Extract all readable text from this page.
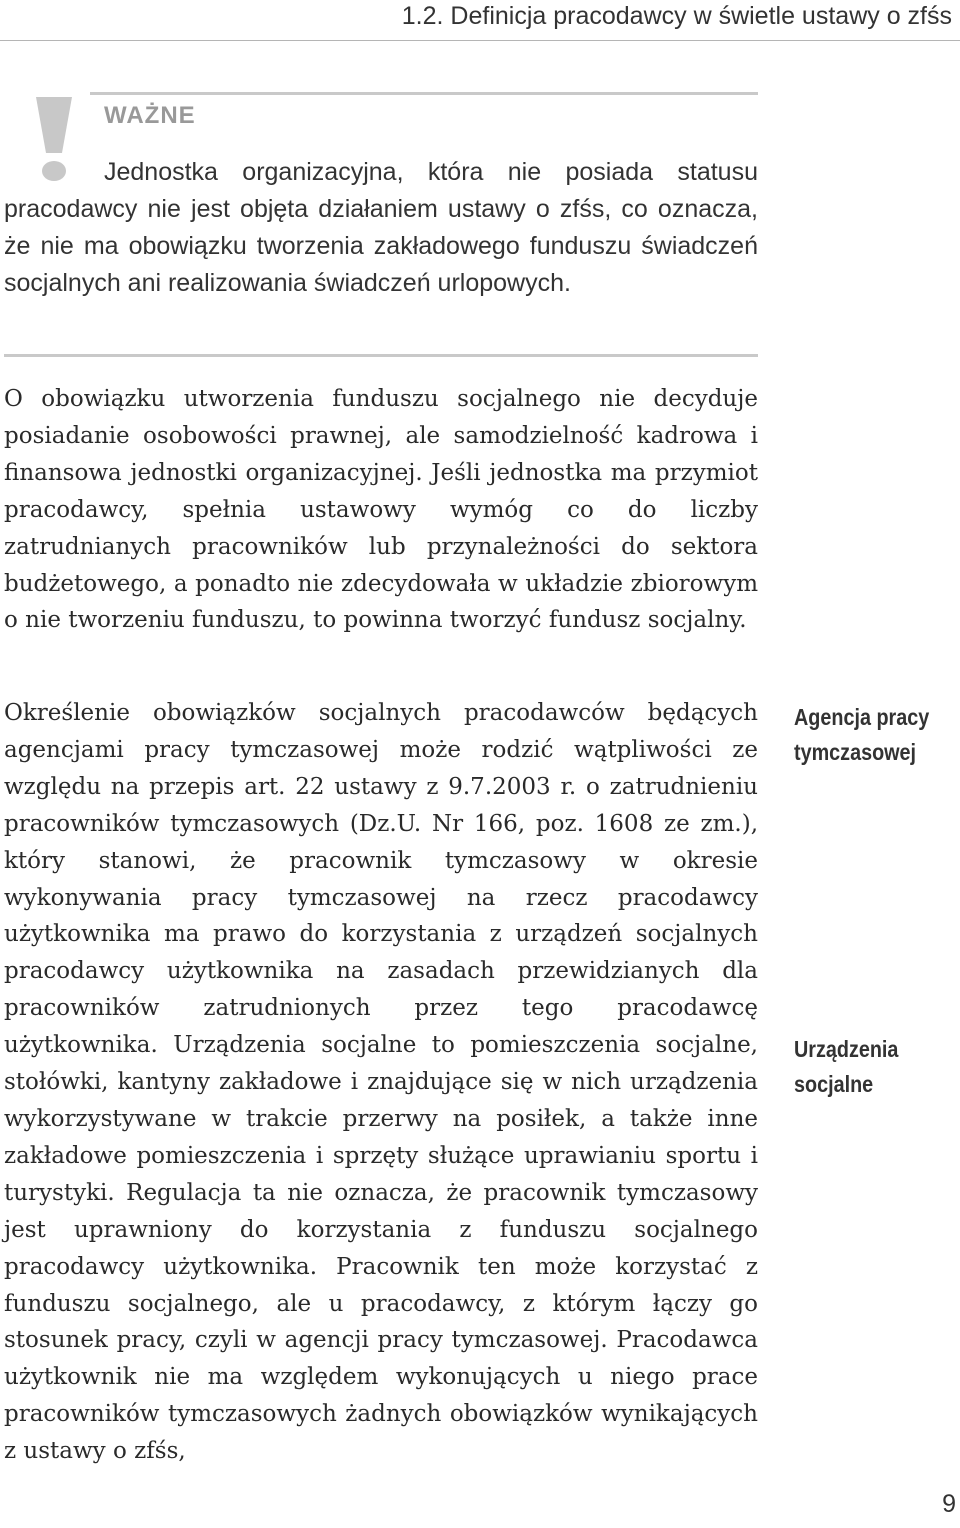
1.2. Definicja pracodawcy w świetle ustawy o zfśs
WAŻNE

Jednostka organizacyjna, która nie posiada statusu pracodawcy nie jest objęta działaniem ustawy o zfśs, co oznacza, że nie ma obowiązku tworzenia zakładowego funduszu świadczeń socjalnych ani realizowania świadczeń urlopowych.

O obowiązku utworzenia funduszu socjalnego nie decyduje posiadanie osobowości prawnej, ale samodzielność kadrowa i finansowa jednostki organizacyjnej. Jeśli jednostka ma przymiot pracodawcy, spełnia ustawowy wymóg co do liczby zatrudnianych pracowników lub przynależności do sektora budżetowego, a ponadto nie zdecydowała w układzie zbiorowym o nie tworzeniu funduszu, to powinna tworzyć fundusz socjalny.

Określenie obowiązków socjalnych pracodawców będących agencjami pracy tymczasowej może rodzić wątpliwości ze względu na przepis art. 22 ustawy z 9.7.2003 r. o zatrudnieniu pracowników tymczasowych (Dz.U. Nr 166, poz. 1608 ze zm.), który stanowi, że pracownik tymczasowy w okresie wykonywania pracy tymczasowej na rzecz pracodawcy użytkownika ma prawo do korzystania z urządzeń socjalnych pracodawcy użytkownika na zasadach przewidzianych dla pracowników zatrudnionych przez tego pracodawcę użytkownika. Urządzenia socjalne to pomieszczenia socjalne, stołówki, kantyny zakładowe i znajdujące się w nich urządzenia wykorzystywane w trakcie przerwy na posiłek, a także inne zakładowe pomieszczenia i sprzęty służące uprawianiu sportu i turystyki. Regulacja ta nie oznacza, że pracownik tymczasowy jest uprawniony do korzystania z funduszu socjalnego pracodawcy użytkownika. Pracownik ten może korzystać z funduszu socjalnego, ale u pracodawcy, z którym łączy go stosunek pracy, czyli w agencji pracy tymczasowej. Pracodawca użytkownik nie ma względem wykonujących u niego prace pracowników tymczasowych żadnych obowiązków wynikających z ustawy o zfśs,

Agencja pracy tymczasowej

Urządzenia socjalne

9
